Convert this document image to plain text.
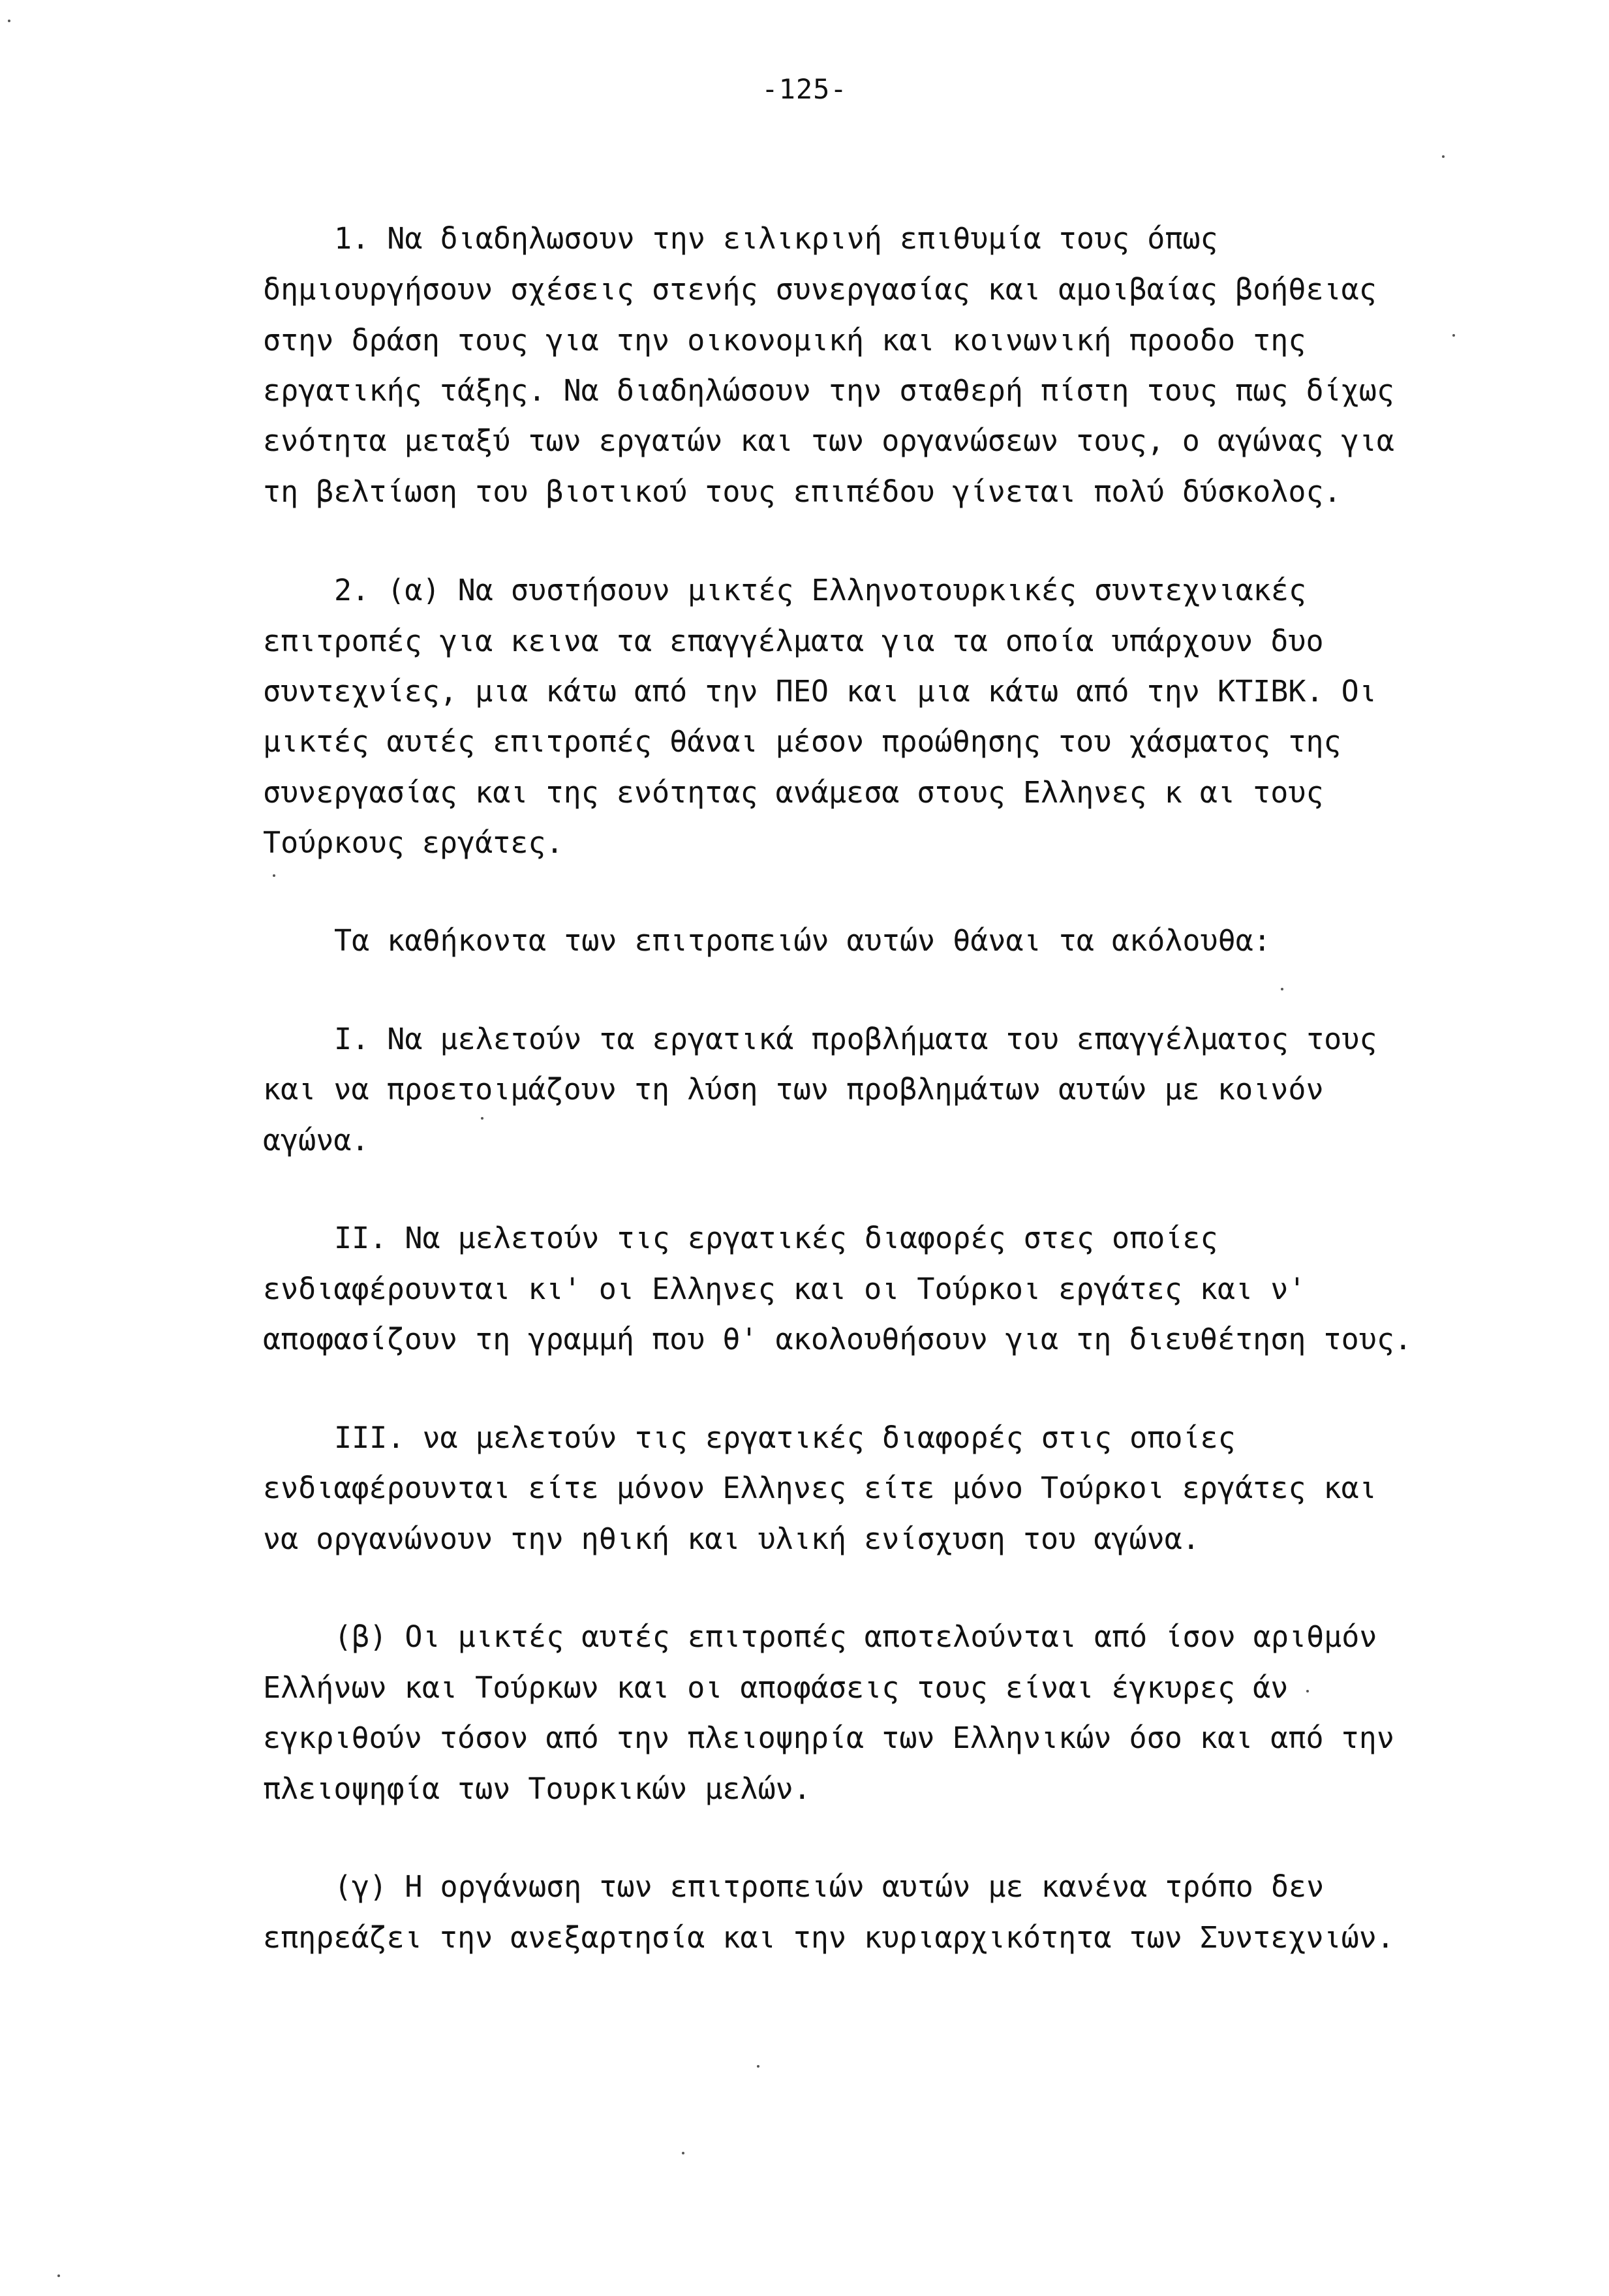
-125-
1. Να διαδηλωσουν την ειλικρινή επιθυμία τους όπως
δημιουργήσουν σχέσεις στενής συνεργασίας και αμοιβαίας βοήθειας
στην δράση τους για την οικονομική και κοινωνική προοδο της
εργατικής τάξης. Να διαδηλώσουν την σταθερή πίστη τους πως δίχως
ενότητα μεταξύ των εργατών και των οργανώσεων τους, ο αγώνας για
τη βελτίωση του βιοτικού τους επιπέδου γίνεται πολύ δύσκολος.
2. (α) Να συστήσουν μικτές Ελληνοτουρκικές συντεχνιακές
επιτροπές για κεινα τα επαγγέλματα για τα οποία υπάρχουν δυο
συντεχνίες, μια κάτω από την ΠΕΟ και μια κάτω από την ΚΤΙΒΚ. Οι
μικτές αυτές επιτροπές θάναι μέσον προώθησης του χάσματος της
συνεργασίας και της ενότητας ανάμεσα στους Ελληνες κ αι τους
Τούρκους εργάτες.
Τα καθήκοντα των επιτροπειών αυτών θάναι τα ακόλουθα:
I. Να μελετούν τα εργατικά προβλήματα του επαγγέλματος τους
και να προετοιμάζουν τη λύση των προβλημάτων αυτών με κοινόν
αγώνα.
II. Να μελετούν τις εργατικές διαφορές στες οποίες
ενδιαφέρουνται κι' οι Ελληνες και οι Τούρκοι εργάτες και ν'
αποφασίζουν τη γραμμή που θ' ακολουθήσουν για τη διευθέτηση τους.
III. να μελετούν τις εργατικές διαφορές στις οποίες
ενδιαφέρουνται είτε μόνον Ελληνες είτε μόνο Τούρκοι εργάτες και
να οργανώνουν την ηθική και υλική ενίσχυση του αγώνα.
(β) Οι μικτές αυτές επιτροπές αποτελούνται από ίσον αριθμόν
Ελλήνων και Τούρκων και οι αποφάσεις τους είναι έγκυρες άν
εγκριθούν τόσον από την πλειοψηρία των Ελληνικών όσο και από την
πλειοψηφία των Τουρκικών μελών.
(γ) Η οργάνωση των επιτροπειών αυτών με κανένα τρόπο δεν
επηρεάζει την ανεξαρτησία και την κυριαρχικότητα των Συντεχνιών.
